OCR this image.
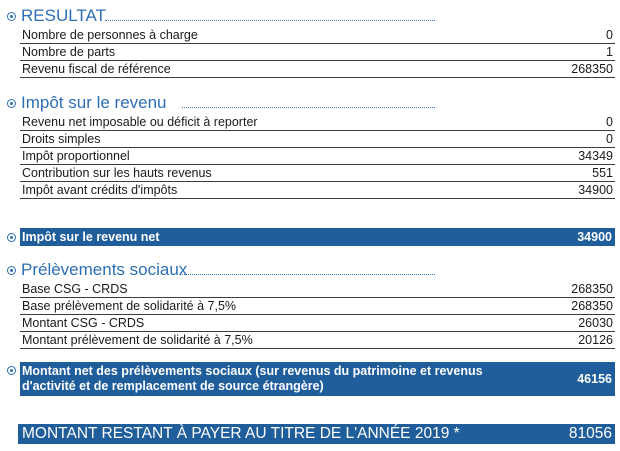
RESULTAT
Nombre de personnes à charge	0
Nombre de parts	1
Revenu fiscal de référence	268350
Impôt sur le revenu
Revenu net imposable ou déficit à reporter	0
Droits simples	0
Impôt proportionnel	34349
Contribution sur les hauts revenus	551
Impôt avant crédits d'impôts	34900
Impôt sur le revenu net	34900
Prélèvements sociaux
Base CSG - CRDS	268350
Base prélèvement de solidarité à 7,5%	268350
Montant CSG - CRDS	26030
Montant prélèvement de solidarité à 7,5%	20126
Montant net des prélèvements sociaux (sur revenus du patrimoine et revenus d'activité et de remplacement de source étrangère)	46156
MONTANT RESTANT À PAYER AU TITRE DE L'ANNÉE 2019 *	81056
